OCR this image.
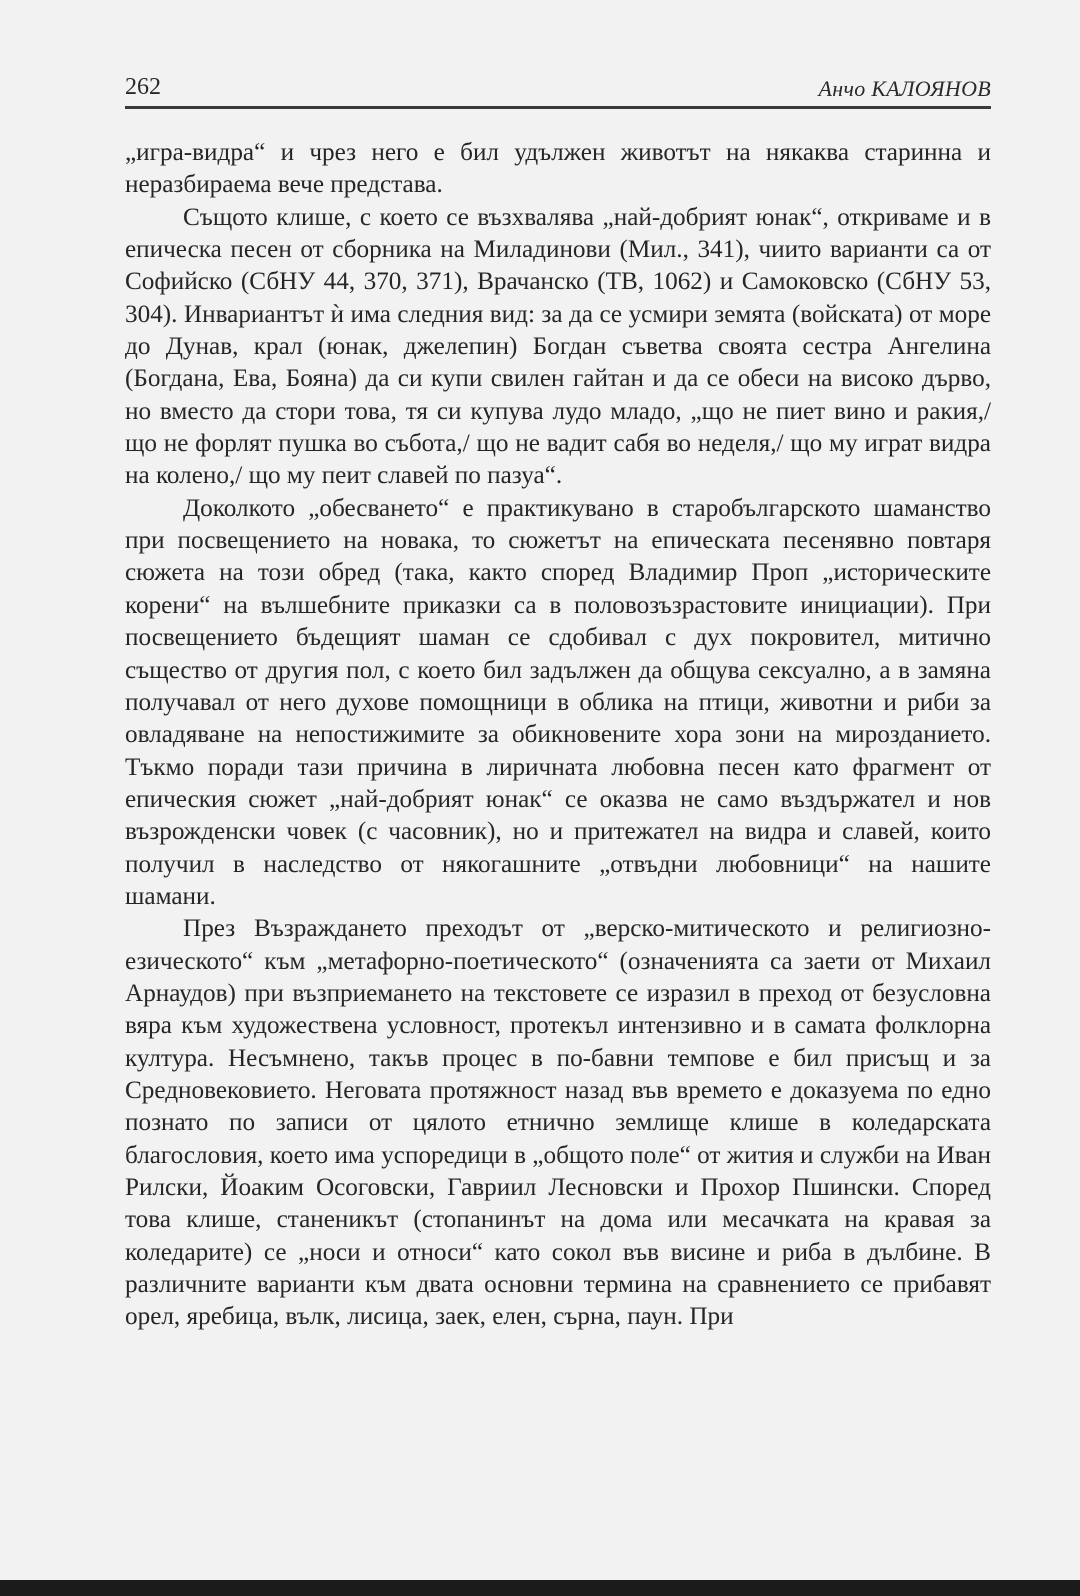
262	Анчо КАЛОЯНОВ

„игра-видра“ и чрез него е бил удължен животът на някаква старинна и неразбираема вече представа.

Същото клише, с което се възхвалява „най-добрият юнак“, откриваме и в епическа песен от сборника на Миладинови (Мил., 341), чиито варианти са от Софийско (СбНУ 44, 370, 371), Врачанско (ТВ, 1062) и Самоковско (СбНУ 53, 304). Инвариантът ѝ има следния вид: за да се усмири земята (войската) от море до Дунав, крал (юнак, джелепин) Богдан съветва своята сестра Ангелина (Богдана, Ева, Бояна) да си купи свилен гайтан и да се обеси на високо дърво, но вместо да стори това, тя си купува лудо младо, „що не пиет вино и ракия,/ що не форлят пушка во събота,/ що не вадит сабя во неделя,/ що му играт видра на колено,/ що му пеит славей по пазуа“.

Доколкото „обесването“ е практикувано в старобългарското шаманство при посвещението на новака, то сюжетът на епическата песенявно повтаря сюжета на този обред (така, както според Владимир Проп „историческите корени“ на вълшебните приказки са в половозъзрастовите инициации). При посвещението бъдещият шаман се сдобивал с дух покровител, митично същество от другия пол, с което бил задължен да общува сексуално, а в замяна получавал от него духове помощници в облика на птици, животни и риби за овладяване на непостижимите за обикновените хора зони на мирозданието. Тъкмо поради тази причина в лиричната любовна песен като фрагмент от епическия сюжет „най-добрият юнак“ се оказва не само въздържател и нов възрожденски човек (с часовник), но и притежател на видра и славей, които получил в наследство от някогашните „отвъдни любовници“ на нашите шамани.

През Възраждането преходът от „верско-митическото и религиозно-езическото“ към „метафорно-поетическото“ (означенията са заети от Михаил Арнаудов) при възприемането на текстовете се изразил в преход от безусловна вяра към художествена условност, протекъл интензивно и в самата фолклорна култура. Несъмнено, такъв процес в по-бавни темпове е бил присъщ и за Средновековието. Неговата протяжност назад във времето е доказуема по едно познато по записи от цялото етнично землище клише в коледарската благословия, което има успоредици в „общото поле“ от жития и служби на Иван Рилски, Йоаким Осоговски, Гавриил Лесновски и Прохор Пшински. Според това клише, станеникът (стопанинът на дома или месачката на кравая за коледарите) се „носи и относи“ като сокол във висине и риба в дълбине. В различните варианти към двата основни термина на сравнението се прибавят орел, яребица, вълк, лисица, заек, елен, сърна, паун. При
